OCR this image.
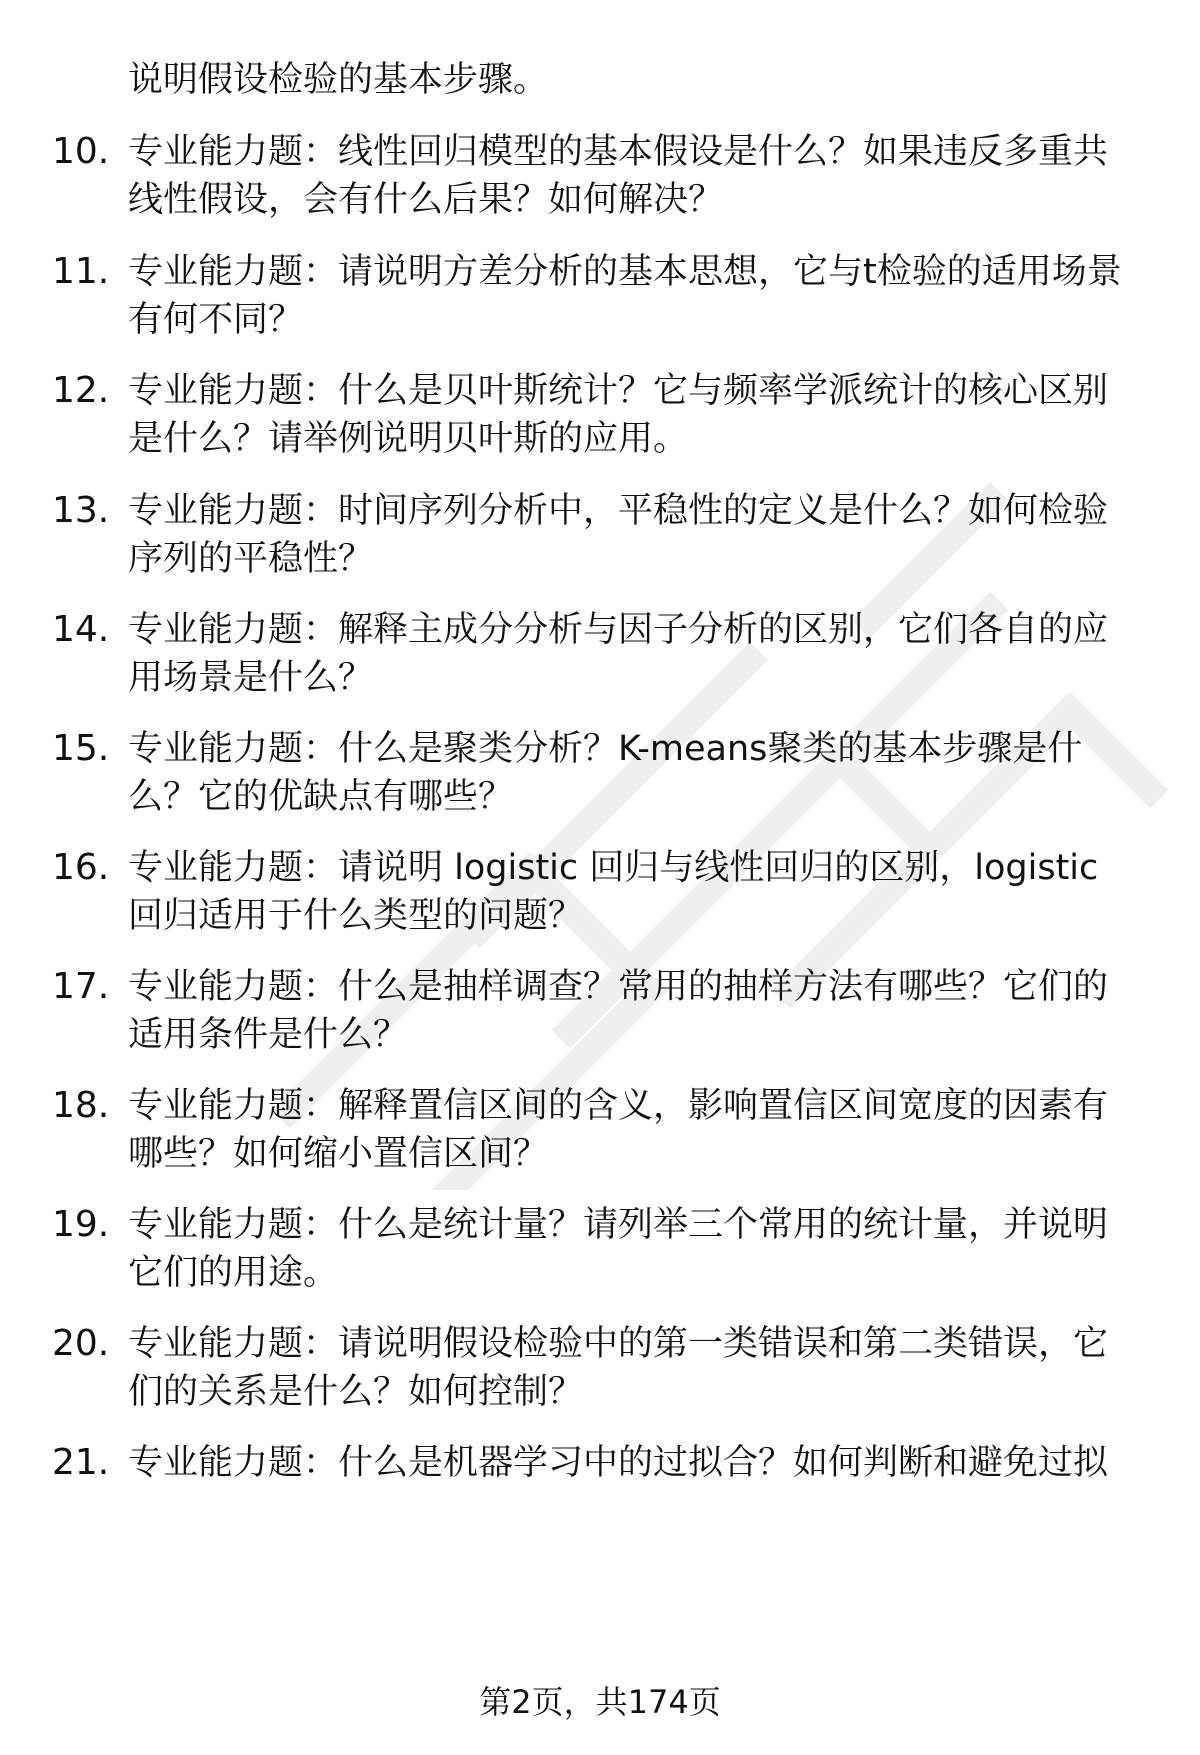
说明假设检验的基本步骤。
10. 专业能力题：线性回归模型的基本假设是什么？如果违反多重共
线性假设，会有什么后果？如何解决？
11. 专业能力题：请说明方差分析的基本思想，它与t检验的适用场景
有何不同？
12. 专业能力题：什么是贝叶斯统计？它与频率学派统计的核心区别
是什么？请举例说明贝叶斯的应用。
13. 专业能力题：时间序列分析中，平稳性的定义是什么？如何检验
序列的平稳性？
14. 专业能力题：解释主成分分析与因子分析的区别，它们各自的应
用场景是什么？
15. 专业能力题：什么是聚类分析？K-means聚类的基本步骤是什
么？它的优缺点有哪些？
16. 专业能力题：请说明 logistic 回归与线性回归的区别，logistic
回归适用于什么类型的问题？
17. 专业能力题：什么是抽样调查？常用的抽样方法有哪些？它们的
适用条件是什么？
18. 专业能力题：解释置信区间的含义，影响置信区间宽度的因素有
哪些？如何缩小置信区间？
19. 专业能力题：什么是统计量？请列举三个常用的统计量，并说明
它们的用途。
20. 专业能力题：请说明假设检验中的第一类错误和第二类错误，它
们的关系是什么？如何控制？
21. 专业能力题：什么是机器学习中的过拟合？如何判断和避免过拟
第2页，共174页
